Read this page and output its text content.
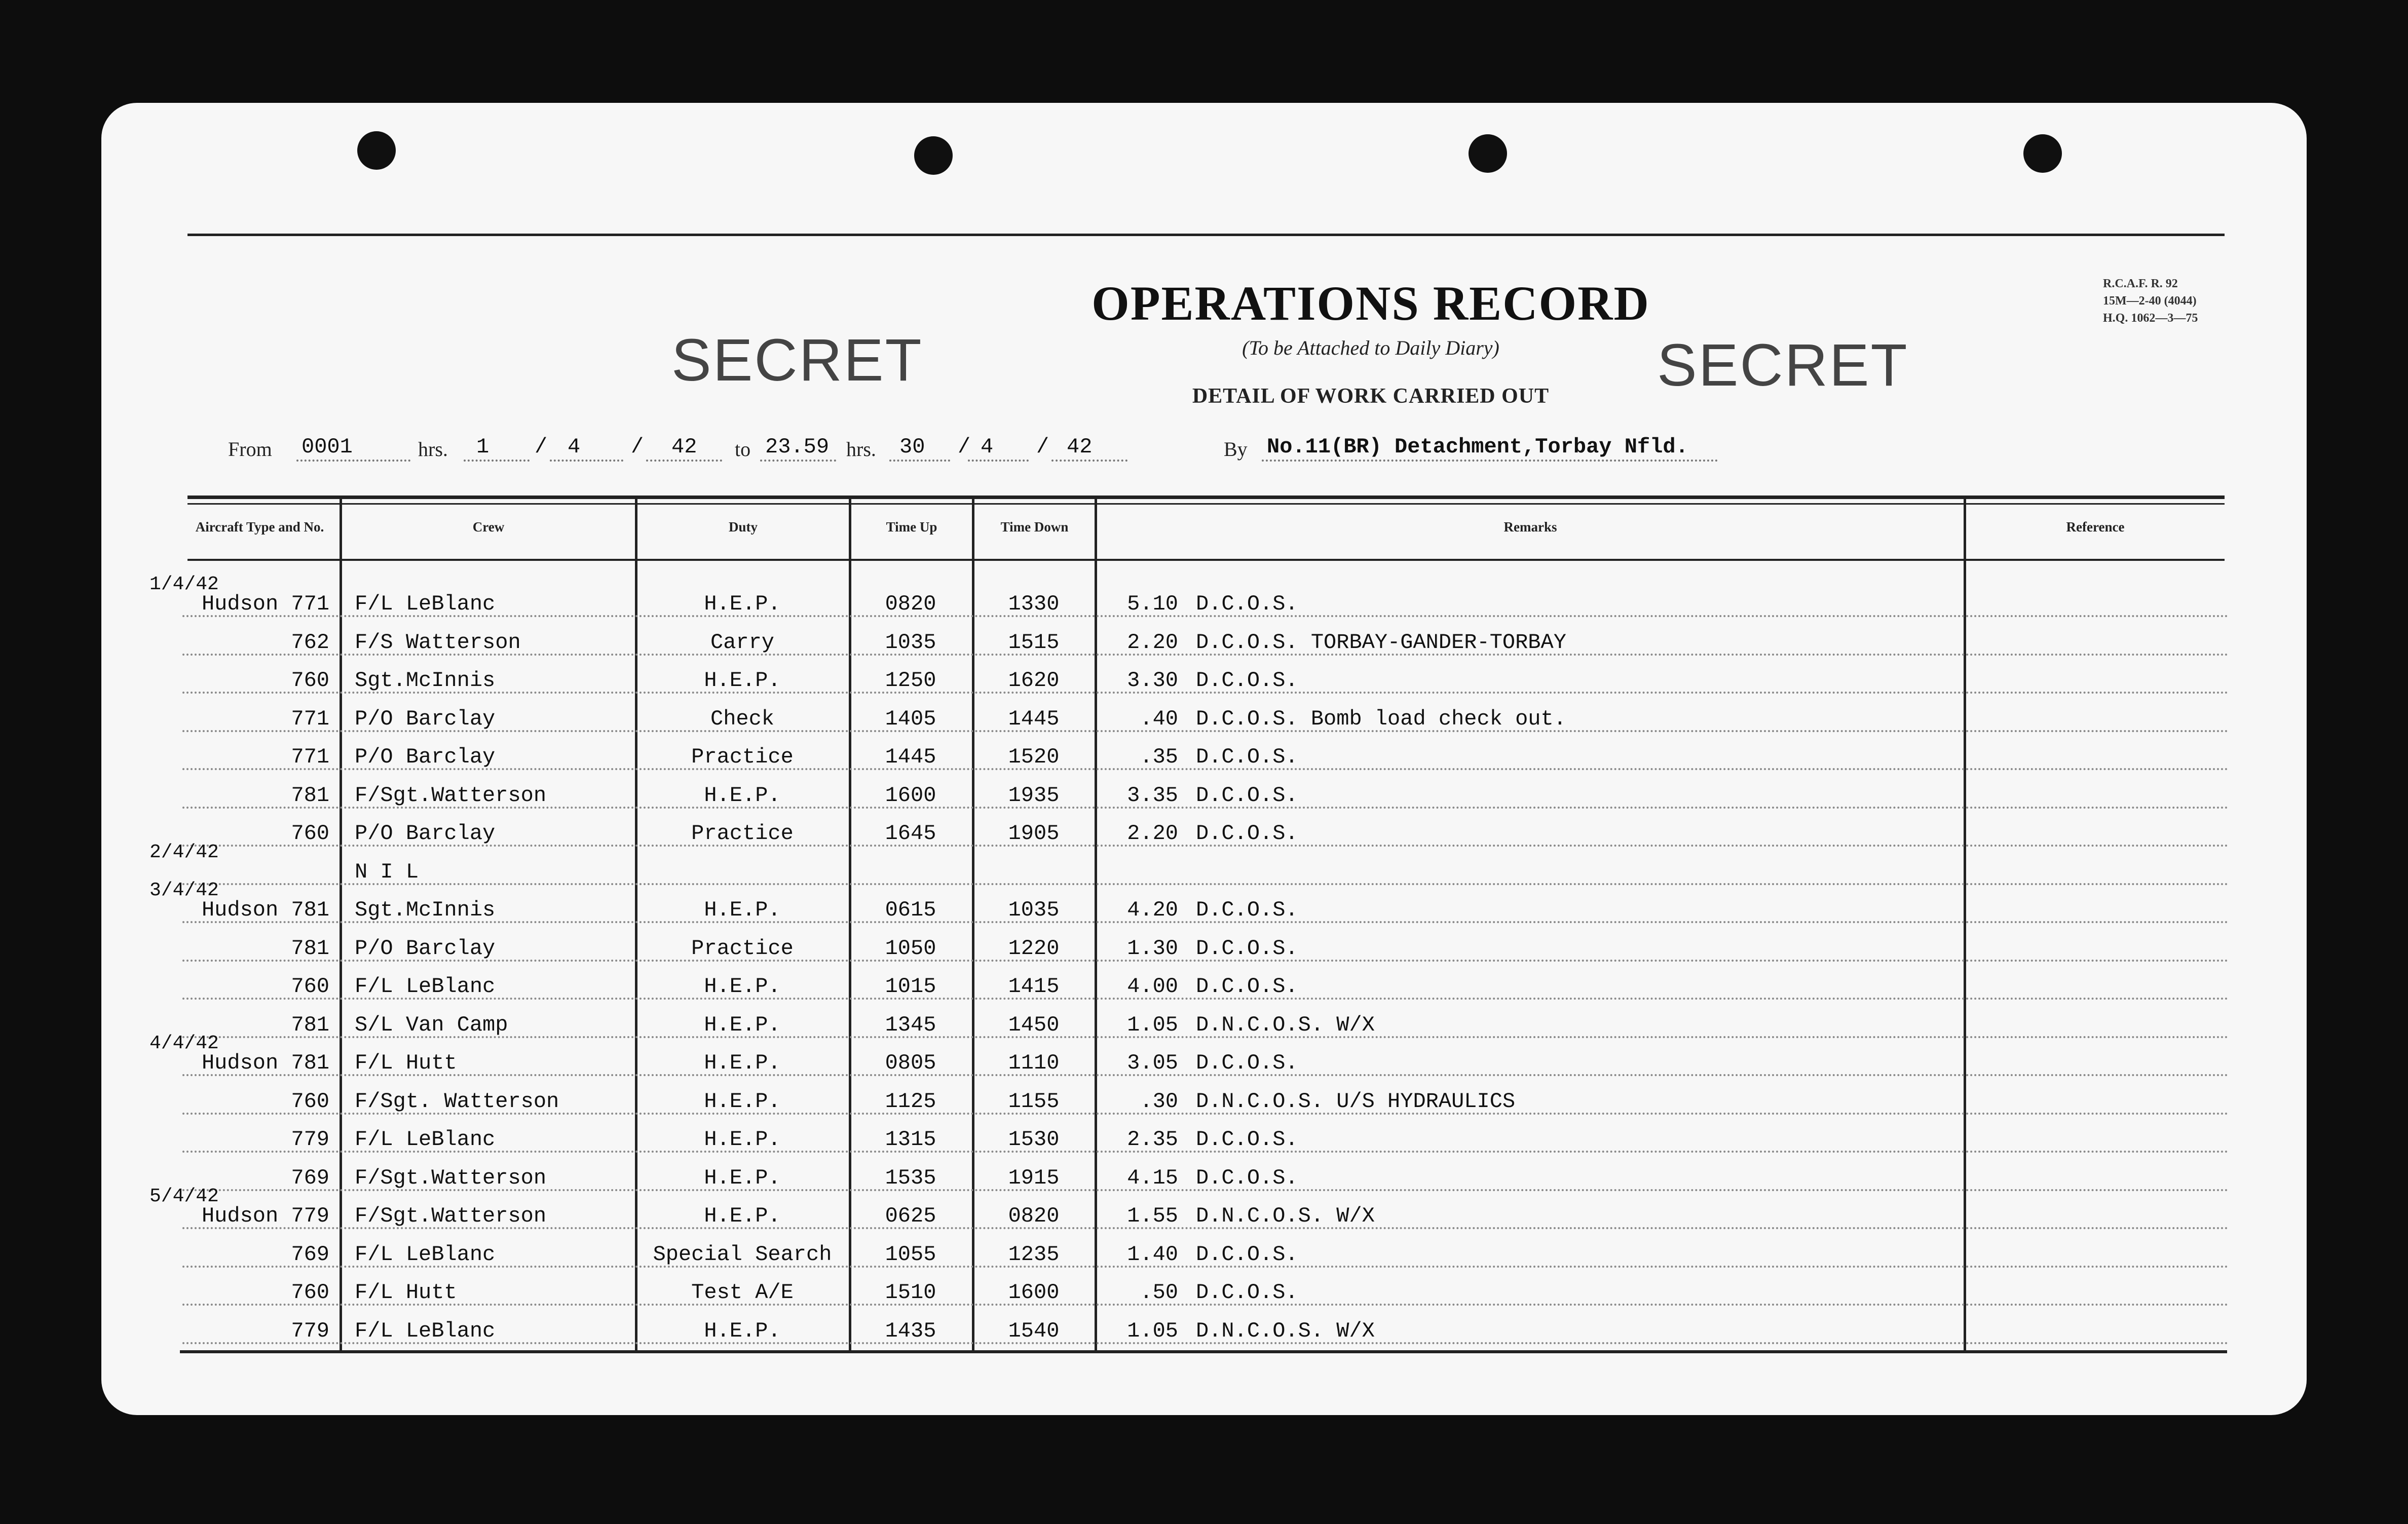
OPERATIONS RECORD
(To be Attached to Daily Diary)
DETAIL OF WORK CARRIED OUT
SECRET	SECRET
R.C.A.F. R. 92
15M—2-40 (4044)
H.Q. 1062—3—75
From 0001	hrs. 1 / 4 / 42 to 23.59 hrs. 30 / 4 / 42	By No.11(BR) Detachment,Torbay Nfld.
Aircraft Type and No.	Crew	Duty	Time Up	Time Down	Remarks	Reference
1/4/42
Hudson 771 F/L LeBlanc	H.E.P.	0820	1330	5.10 D.C.O.S.
762 F/S Watterson	Carry	1035	1515	2.20 D.C.O.S. TORBAY-GANDER-TORBAY
760 Sgt.McInnis	H.E.P.	1250	1620	3.30 D.C.O.S.
771 P/O Barclay	Check	1405	1445	.40 D.C.O.S. Bomb load check out.
771 P/O Barclay	Practice	1445	1520	.35 D.C.O.S.
781 F/Sgt.Watterson	H.E.P.	1600	1935	3.35 D.C.O.S.
760 P/O Barclay	Practice	1645	1905	2.20 D.C.O.S.
2/4/42
N I L
3/4/42
Hudson 781 Sgt.McInnis	H.E.P.	0615	1035	4.20 D.C.O.S.
781 P/O Barclay	Practice	1050	1220	1.30 D.C.O.S.
760 F/L LeBlanc	H.E.P.	1015	1415	4.00 D.C.O.S.
781 S/L Van Camp	H.E.P.	1345	1450	1.05 D.N.C.O.S. W/X
4/4/42
Hudson 781 F/L Hutt	H.E.P.	0805	1110	3.05 D.C.O.S.
760 F/Sgt. Watterson	H.E.P.	1125	1155	.30 D.N.C.O.S. U/S HYDRAULICS
779 F/L LeBlanc	H.E.P.	1315	1530	2.35 D.C.O.S.
769 F/Sgt.Watterson	H.E.P.	1535	1915	4.15 D.C.O.S.
5/4/42
Hudson 779 F/Sgt.Watterson	H.E.P.	0625	0820	1.55 D.N.C.O.S. W/X
769 F/L LeBlanc	Special Search	1055	1235	1.40 D.C.O.S.
760 F/L Hutt	Test A/E	1510	1600	.50 D.C.O.S.
779 F/L LeBlanc	H.E.P.	1435	1540	1.05 D.N.C.O.S. W/X
